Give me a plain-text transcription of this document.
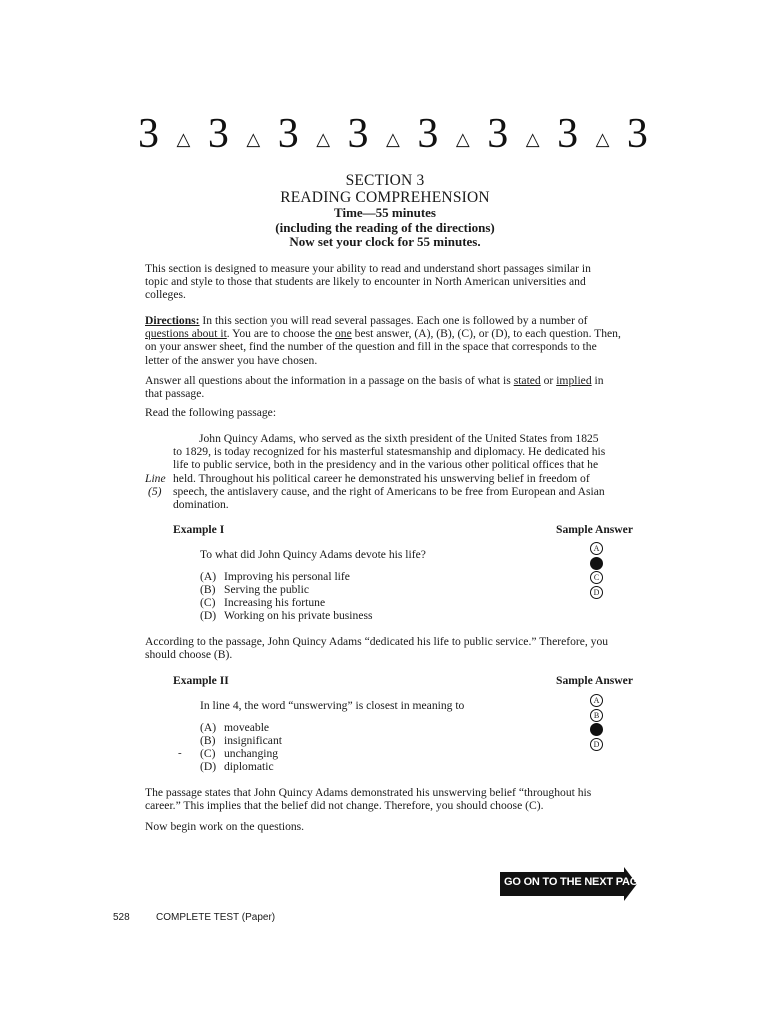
3 △ 3 △ 3 △ 3 △ 3 △ 3 △ 3 △ 3
SECTION 3
READING COMPREHENSION
Time—55 minutes
(including the reading of the directions)
Now set your clock for 55 minutes.
This section is designed to measure your ability to read and understand short passages similar in
topic and style to those that students are likely to encounter in North American universities and
colleges.
Directions: In this section you will read several passages. Each one is followed by a number of
questions about it. You are to choose the one best answer, (A), (B), (C), or (D), to each question. Then,
on your answer sheet, find the number of the question and fill in the space that corresponds to the
letter of the answer you have chosen.
Answer all questions about the information in a passage on the basis of what is stated or implied in
that passage.
Read the following passage:
John Quincy Adams, who served as the sixth president of the United States from 1825
to 1829, is today recognized for his masterful statesmanship and diplomacy. He dedicated his
life to public service, both in the presidency and in the various other political offices that he
held. Throughout his political career he demonstrated his unswerving belief in freedom of
speech, the antislavery cause, and the right of Americans to be free from European and Asian
domination.
Line
(5)
Example I	Sample Answer
To what did John Quincy Adams devote his life?
(A) Improving his personal life
(B) Serving the public
(C) Increasing his fortune
(D) Working on his private business
A
B
C
D
According to the passage, John Quincy Adams “dedicated his life to public service.” Therefore, you
should choose (B).
Example II	Sample Answer
In line 4, the word “unswerving” is closest in meaning to
(A) moveable
(B) insignificant
- (C) unchanging
(D) diplomatic
A
B
C
D
The passage states that John Quincy Adams demonstrated his unswerving belief “throughout his
career.” This implies that the belief did not change. Therefore, you should choose (C).
Now begin work on the questions.
GO ON TO THE NEXT PAGE
528	COMPLETE TEST (Paper)
